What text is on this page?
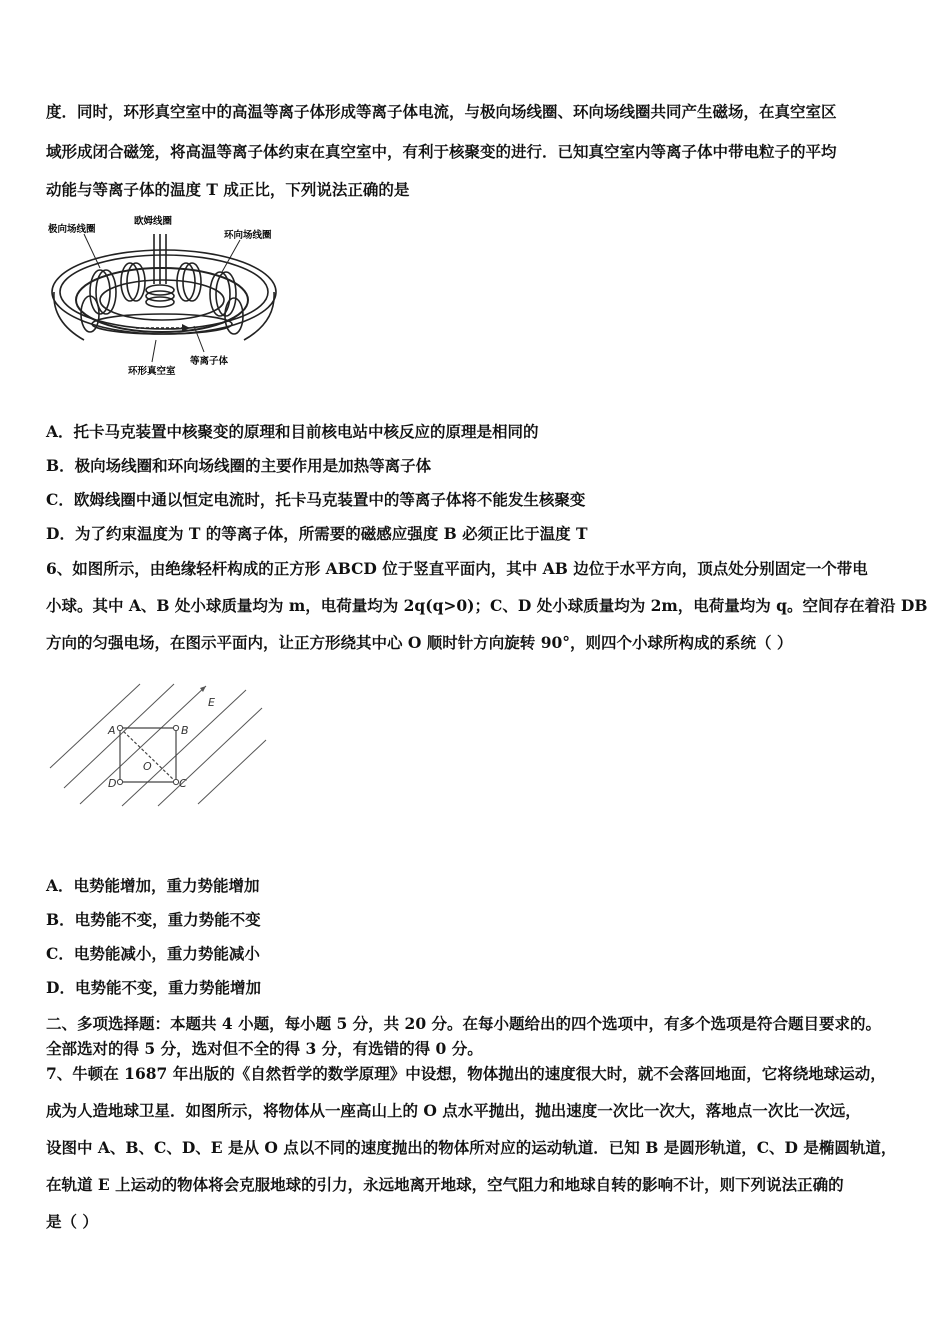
度．同时，环形真空室中的高温等离子体形成等离子体电流，与极向场线圈、环向场线圈共同产生磁场，在真空室区
域形成闭合磁笼，将高温等离子体约束在真空室中，有利于核聚变的进行．已知真空室内等离子体中带电粒子的平均
动能与等离子体的温度 T 成正比，下列说法正确的是
极向场线圈
欧姆线圈
环向场线圈
等离子体
环形真空室
A．托卡马克装置中核聚变的原理和目前核电站中核反应的原理是相同的
B．极向场线圈和环向场线圈的主要作用是加热等离子体
C．欧姆线圈中通以恒定电流时，托卡马克装置中的等离子体将不能发生核聚变
D．为了约束温度为 T 的等离子体，所需要的磁感应强度 B 必须正比于温度 T
6、如图所示，由绝缘轻杆构成的正方形 ABCD 位于竖直平面内，其中 AB 边位于水平方向，顶点处分别固定一个带电
小球。其中 A、B 处小球质量均为 m，电荷量均为 2q(q>0)；C、D 处小球质量均为 2m，电荷量均为 q。空间存在着沿 DB
方向的匀强电场，在图示平面内，让正方形绕其中心 O 顺时针方向旋转 90°，则四个小球所构成的系统（ ）
E
A	B
C
D
O
A．电势能增加，重力势能增加
B．电势能不变，重力势能不变
C．电势能减小，重力势能减小
D．电势能不变，重力势能增加
二、多项选择题：本题共 4 小题，每小题 5 分，共 20 分。在每小题给出的四个选项中，有多个选项是符合题目要求的。
全部选对的得 5 分，选对但不全的得 3 分，有选错的得 0 分。
7、牛顿在 1687 年出版的《自然哲学的数学原理》中设想，物体抛出的速度很大时，就不会落回地面，它将绕地球运动，
成为人造地球卫星．如图所示，将物体从一座高山上的 O 点水平抛出，抛出速度一次比一次大，落地点一次比一次远，
设图中 A、B、C、D、E 是从 O 点以不同的速度抛出的物体所对应的运动轨道．已知 B 是圆形轨道，C、D 是椭圆轨道，
在轨道 E 上运动的物体将会克服地球的引力，永远地离开地球，空气阻力和地球自转的影响不计，则下列说法正确的
是（ ）
